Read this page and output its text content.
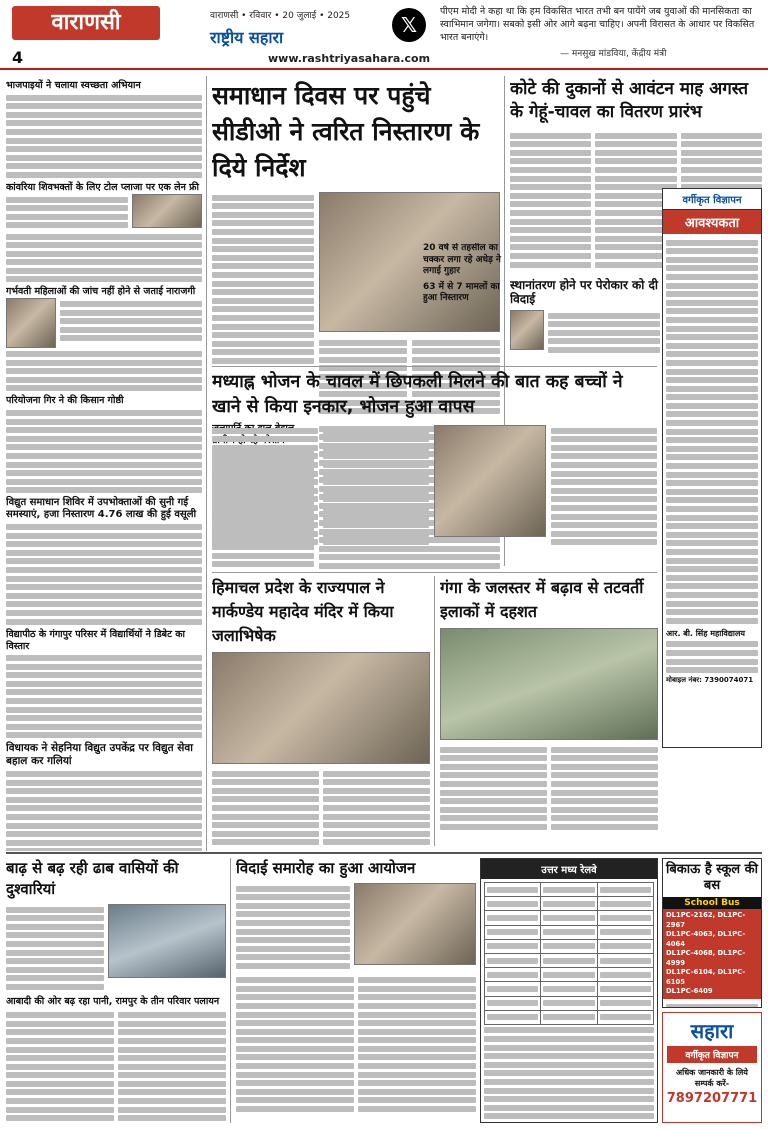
वाराणसी
4
वाराणसी • रविवार • 20 जुलाई • 2025
राष्ट्रीय सहारा
www.rashtriyasahara.com
𝕏
पीएम मोदी ने कहा था कि हम विकसित भारत तभी बन पायेंगे जब युवाओं की मानसिकता का स्वाभिमान जगेगा। सबको इसी ओर आगे बढ़ना चाहिए। अपनी विरासत के आधार पर विकसित भारत बनाएंगे।
— मनसुख मांडविया, केंद्रीय मंत्री
भाजपाइयों ने चलाया स्वच्छता अभियान
कांवरिया शिवभक्तों के लिए टोल प्लाजा पर एक लेन फ्री
गर्भवती महिलाओं की जांच नहीं होने से जताई नाराजगी
परियोजना गिर ने की किसान गोष्ठी
विद्युत समाधान शिविर में उपभोक्ताओं की सुनी गई समस्याएं, हजा निस्तारण 4.76 लाख की हुई वसूली
विद्यापीठ के गंगापुर परिसर में विद्यार्थियों ने डिबेट का विस्तार
विधायक ने सेहनिया विद्युत उपकेंद्र पर विद्युत सेवा बहाल कर गलियां
समाधान दिवस पर पहुंचे सीडीओ ने त्वरित निस्तारण के दिये निर्देश
20 वर्ष से तहसील का चक्कर लगा रहे अधेड़ ने लगाई गुहार
63 में से 7 मामलों का हुआ निस्तारण
कोटे की दुकानों से आवंटन माह अगस्त के गेहूं-चावल का वितरण प्रारंभ
स्थानांतरण होने पर पेरोकार को दी विदाई
वर्गीकृत विज्ञापन
आवश्यकता
आर. बी. सिंह महाविद्यालय
मोबाइल नंबर: 7390074071
मध्याह्न भोजन के चावल में छिपकली मिलने की बात कह बच्चों ने खाने से किया इनकार, भोजन हुआ वापस
हिमाचल प्रदेश के राज्यपाल ने मार्कण्डेय महादेव मंदिर में किया जलाभिषेक
गंगा के जलस्तर में बढ़ाव से तटवर्ती इलाकों में दहशत
बाढ़ से बढ़ रही ढाब वासियों की दुश्वारियां
आबादी की ओर बढ़ रहा पानी, रामपुर के तीन परिवार पलायन
विदाई समारोह का हुआ आयोजन	उत्तर मध्य रेलवे

		बिकाऊ है स्कूल की बस
School Bus
DL1PC-2162, DL1PC-2967
DL1PC-4063, DL1PC-4064
DL1PC-4068, DL1PC-4999
DL1PC-6104, DL1PC-6105
DL1PC-6409
सहारा
वर्गीकृत विज्ञापन
अधिक जानकारी के लिये सम्पर्क करें-
7897207771
